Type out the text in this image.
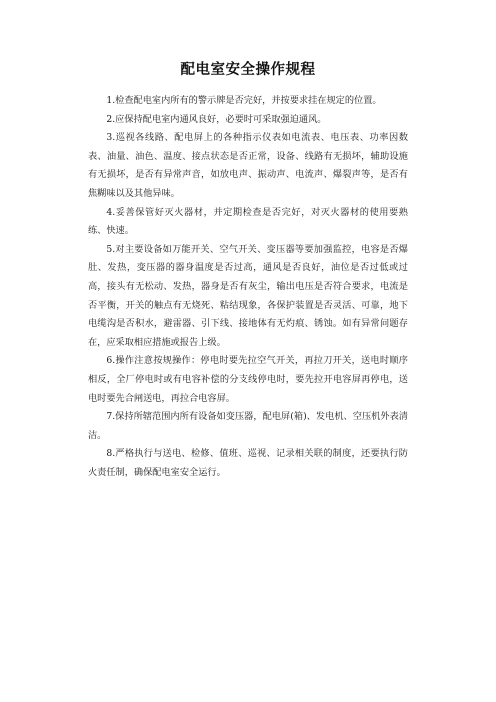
配电室安全操作规程

1.检查配电室内所有的警示牌是否完好，并按要求挂在规定的位置。

2.应保持配电室内通风良好，必要时可采取强迫通风。

3.巡视各线路、配电屏上的各种指示仪表如电流表、电压表、功率因数表、油量、油色、温度、接点状态是否正常，设备、线路有无损坏，辅助设施有无损坏，是否有异常声音，如放电声、振动声、电流声、爆裂声等，是否有焦糊味以及其他异味。

4.妥善保管好灭火器材，并定期检查是否完好，对灭火器材的使用要熟练、快速。

5.对主要设备如万能开关、空气开关、变压器等要加强监控，电容是否爆肚、发热，变压器的器身温度是否过高，通风是否良好，油位是否过低或过高，接头有无松动、发热，器身是否有灰尘，输出电压是否符合要求，电流是否平衡，开关的触点有无烧死、粘结现象，各保护装置是否灵活、可靠，地下电缆沟是否积水，避雷器、引下线、接地体有无灼痕、锈蚀。如有异常问题存在，应采取相应措施或报告上级。

6.操作注意按规操作：停电时要先拉空气开关，再拉刀开关，送电时顺序相反，全厂停电时或有电容补偿的分支线停电时，要先拉开电容屏再停电，送电时要先合闸送电，再拉合电容屏。

7.保持所辖范围内所有设备如变压器，配电屏(箱)、发电机、空压机外表清洁。

8.严格执行与送电、检修、值班、巡视、记录相关联的制度，还要执行防火责任制，确保配电室安全运行。
